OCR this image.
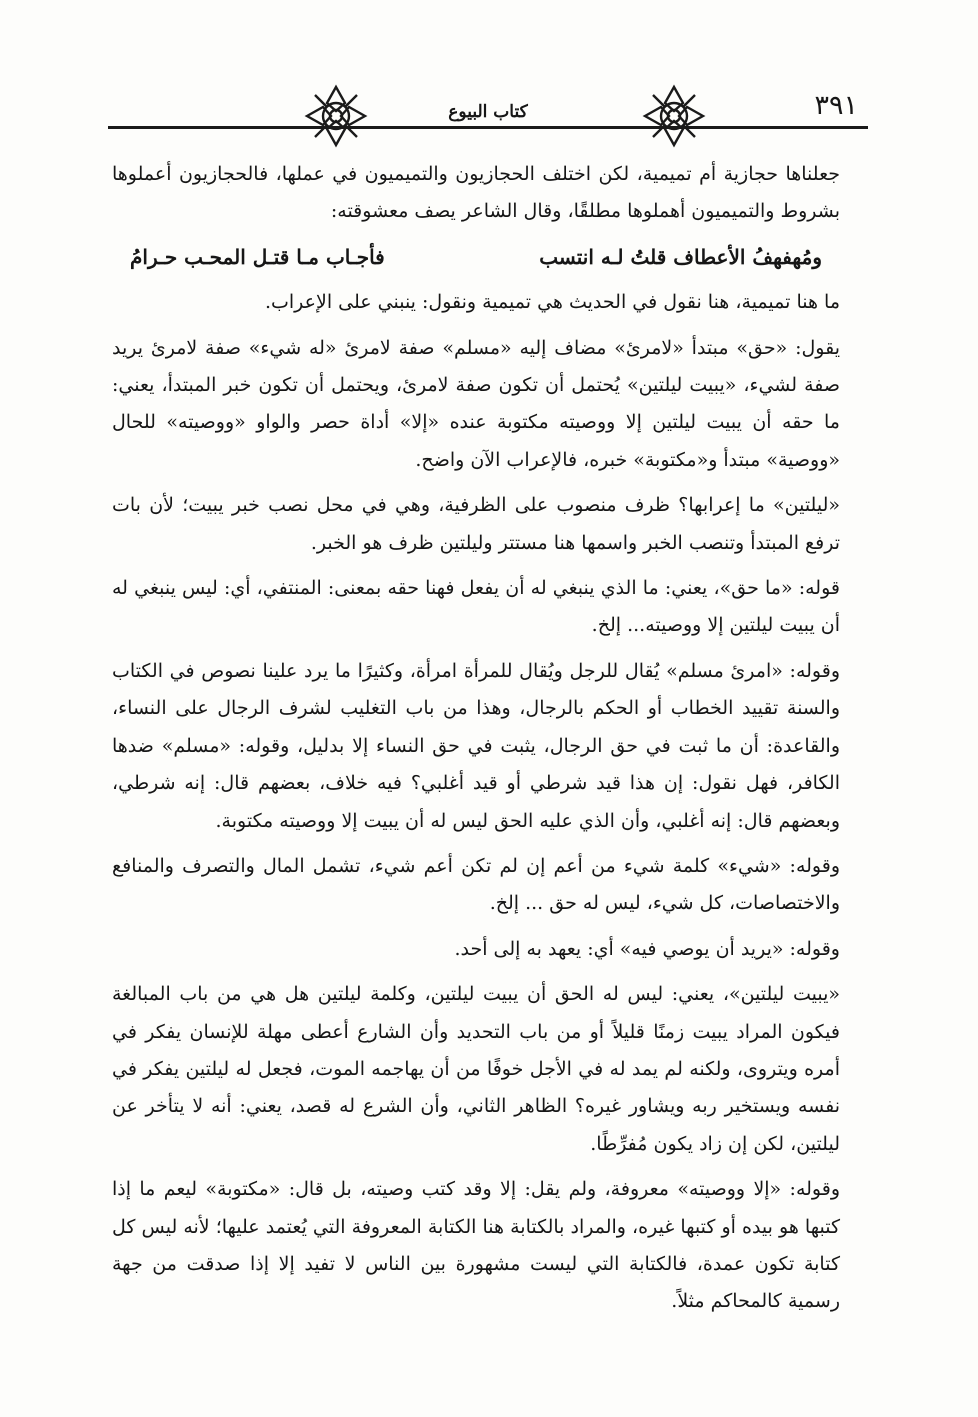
كتاب البيوع	٣٩١

جعلناها حجازية أم تميمية، لكن اختلف الحجازيون والتميميون في عملها، فالحجازيون أعملوها بشروط والتميميون أهملوها مطلقًا، وقال الشاعر يصف معشوقته:

ومُهفهفُ الأعطاف قلتُ لـه انتسب
فأجـاب مـا قتـل المحـب حـرامُ

ما هنا تميمية، هنا نقول في الحديث هي تميمية ونقول: ينبني على الإعراب.

يقول: «حق» مبتدأ «لامرئ» مضاف إليه «مسلم» صفة لامرئ «له شيء» صفة لامرئ يريد صفة لشيء، «يبيت ليلتين» يُحتمل أن تكون صفة لامرئ، ويحتمل أن تكون خبر المبتدأ، يعني: ما حقه أن يبيت ليلتين إلا ووصيته مكتوبة عنده «إلا» أداة حصر والواو «ووصيته» للحال «ووصية» مبتدأ و«مكتوبة» خبره، فالإعراب الآن واضح.

«ليلتين» ما إعرابها؟ ظرف منصوب على الظرفية، وهي في محل نصب خبر يبيت؛ لأن بات ترفع المبتدأ وتنصب الخبر واسمها هنا مستتر وليلتين ظرف هو الخبر.

قوله: «ما حق»، يعني: ما الذي ينبغي له أن يفعل فهنا حقه بمعنى: المنتفي، أي: ليس ينبغي له أن يبيت ليلتين إلا ووصيته... إلخ.

وقوله: «امرئ مسلم» يُقال للرجل ويُقال للمرأة امرأة، وكثيرًا ما يرد علينا نصوص في الكتاب والسنة تقييد الخطاب أو الحكم بالرجال، وهذا من باب التغليب لشرف الرجال على النساء، والقاعدة: أن ما ثبت في حق الرجال، يثبت في حق النساء إلا بدليل، وقوله: «مسلم» ضدها الكافر، فهل نقول: إن هذا قيد شرطي أو قيد أغلبي؟ فيه خلاف، بعضهم قال: إنه شرطي، وبعضهم قال: إنه أغلبي، وأن الذي عليه الحق ليس له أن يبيت إلا ووصيته مكتوبة.

وقوله: «شيء» كلمة شيء من أعم إن لم تكن أعم شيء، تشمل المال والتصرف والمنافع والاختصاصات، كل شيء، ليس له حق ... إلخ.

وقوله: «يريد أن يوصي فيه» أي: يعهد به إلى أحد.

«يبيت ليلتين»، يعني: ليس له الحق أن يبيت ليلتين، وكلمة ليلتين هل هي من باب المبالغة فيكون المراد يبيت زمنًا قليلاً أو من باب التحديد وأن الشارع أعطى مهلة للإنسان يفكر في أمره ويتروى، ولكنه لم يمد له في الأجل خوفًا من أن يهاجمه الموت، فجعل له ليلتين يفكر في نفسه ويستخير ربه ويشاور غيره؟ الظاهر الثاني، وأن الشرع له قصد، يعني: أنه لا يتأخر عن ليلتين، لكن إن زاد يكون مُفرِّطًا.

وقوله: «إلا ووصيته» معروفة، ولم يقل: إلا وقد كتب وصيته، بل قال: «مكتوبة» ليعم ما إذا كتبها هو بيده أو كتبها غيره، والمراد بالكتابة هنا الكتابة المعروفة التي يُعتمد عليها؛ لأنه ليس كل كتابة تكون عمدة، فالكتابة التي ليست مشهورة بين الناس لا تفيد إلا إذا صدقت من جهة رسمية كالمحاكم مثلاً.
